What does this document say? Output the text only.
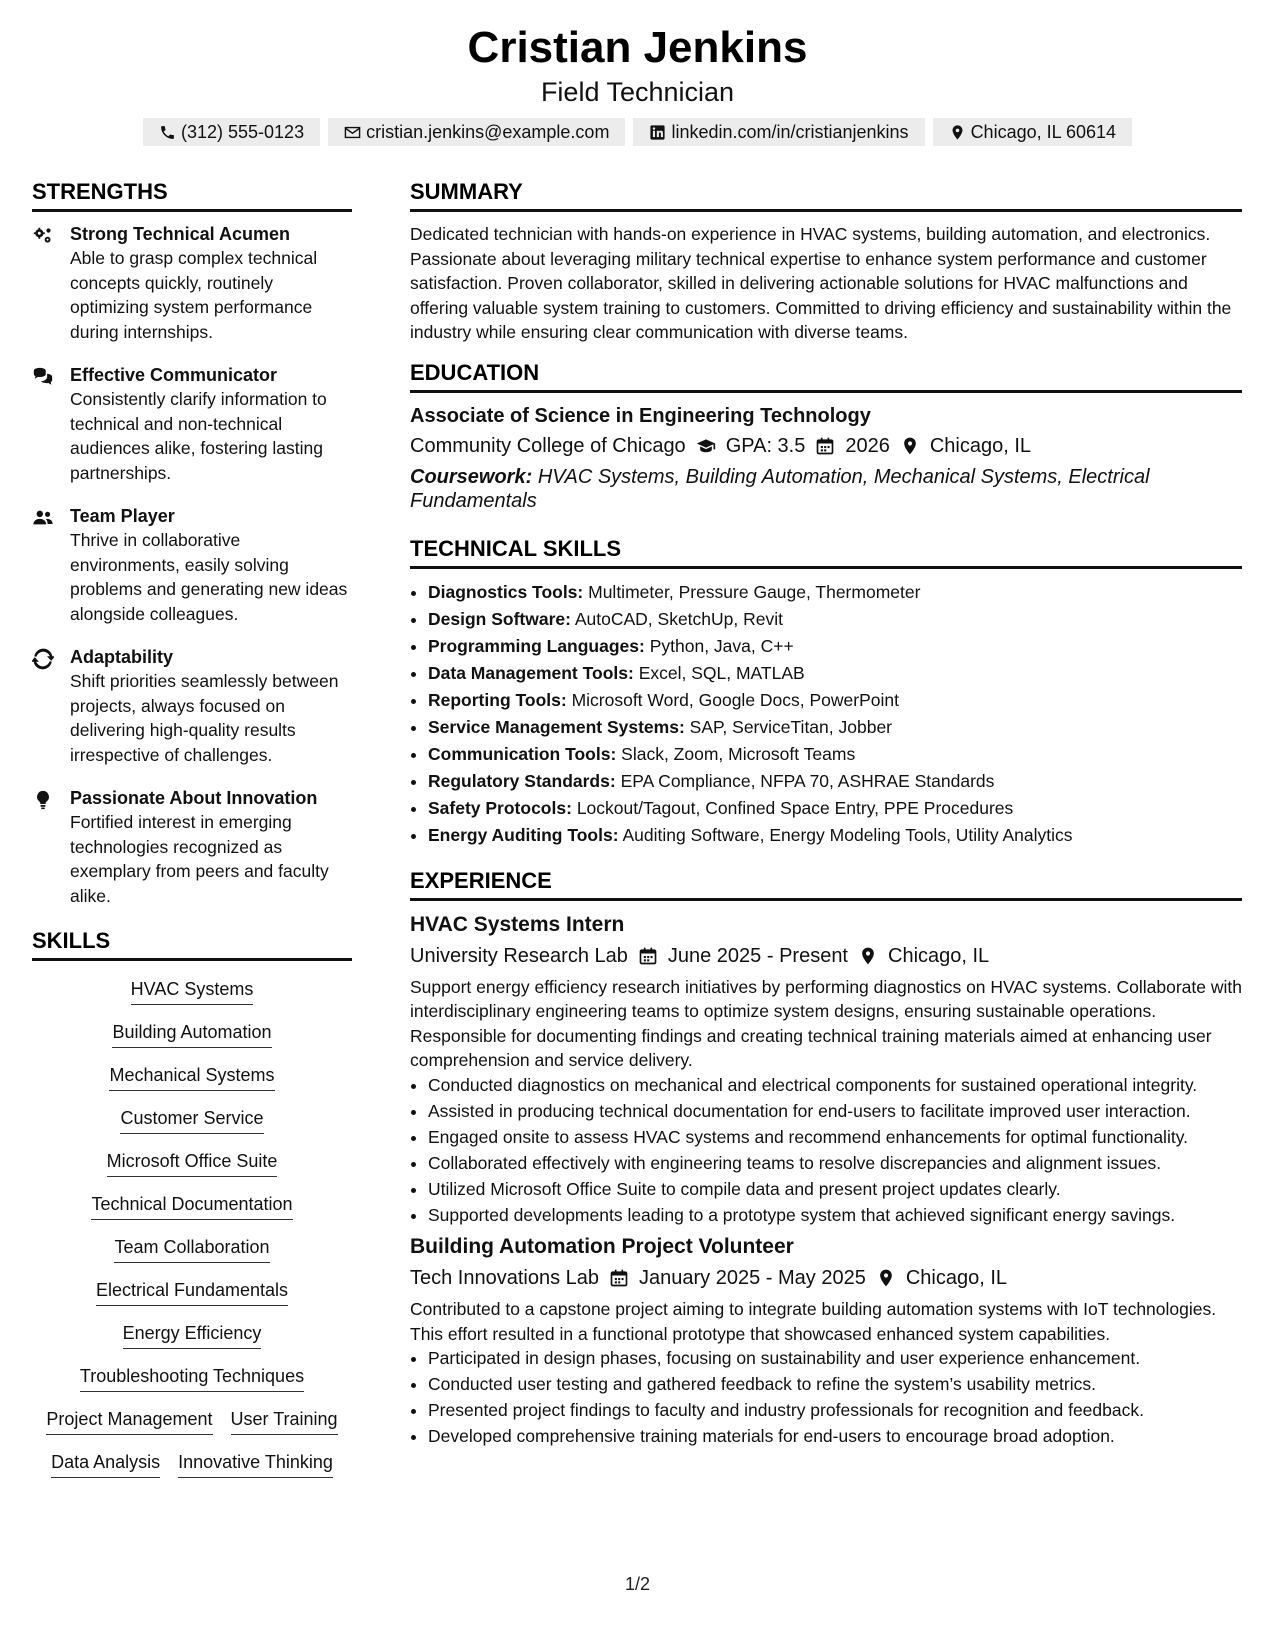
Cristian Jenkins
Field Technician
(312) 555-0123	cristian.jenkins@example.com	linkedin.com/in/cristianjenkins	Chicago, IL 60614
STRENGTHS
Strong Technical Acumen
Able to grasp complex technical concepts quickly, routinely optimizing system performance during internships.
Effective Communicator
Consistently clarify information to technical and non-technical audiences alike, fostering lasting partnerships.
Team Player
Thrive in collaborative environments, easily solving problems and generating new ideas alongside colleagues.
Adaptability
Shift priorities seamlessly between projects, always focused on delivering high-quality results irrespective of challenges.
Passionate About Innovation
Fortified interest in emerging technologies recognized as exemplary from peers and faculty alike.
SKILLS
HVAC Systems
Building Automation
Mechanical Systems
Customer Service
Microsoft Office Suite
Technical Documentation
Team Collaboration
Electrical Fundamentals
Energy Efficiency
Troubleshooting Techniques
Project Management User Training
Data Analysis Innovative Thinking
SUMMARY

Dedicated technician with hands-on experience in HVAC systems, building automation, and electronics. Passionate about leveraging military technical expertise to enhance system performance and customer satisfaction. Proven collaborator, skilled in delivering actionable solutions for HVAC malfunctions and offering valuable system training to customers. Committed to driving efficiency and sustainability within the industry while ensuring clear communication with diverse teams.

EDUCATION
Associate of Science in Engineering Technology
Community College of Chicago GPA: 3.5 2026 Chicago, IL
Coursework: HVAC Systems, Building Automation, Mechanical Systems, Electrical Fundamentals
TECHNICAL SKILLS
• Diagnostics Tools: Multimeter, Pressure Gauge, Thermometer
• Design Software: AutoCAD, SketchUp, Revit
• Programming Languages: Python, Java, C++
• Data Management Tools: Excel, SQL, MATLAB
• Reporting Tools: Microsoft Word, Google Docs, PowerPoint
• Service Management Systems: SAP, ServiceTitan, Jobber
• Communication Tools: Slack, Zoom, Microsoft Teams
• Regulatory Standards: EPA Compliance, NFPA 70, ASHRAE Standards
• Safety Protocols: Lockout/Tagout, Confined Space Entry, PPE Procedures
• Energy Auditing Tools: Auditing Software, Energy Modeling Tools, Utility Analytics
EXPERIENCE
HVAC Systems Intern
University Research Lab June 2025 - Present Chicago, IL

Support energy efficiency research initiatives by performing diagnostics on HVAC systems. Collaborate with interdisciplinary engineering teams to optimize system designs, ensuring sustainable operations. Responsible for documenting findings and creating technical training materials aimed at enhancing user comprehension and service delivery.

• Conducted diagnostics on mechanical and electrical components for sustained operational integrity.
• Assisted in producing technical documentation for end-users to facilitate improved user interaction.
• Engaged onsite to assess HVAC systems and recommend enhancements for optimal functionality.
• Collaborated effectively with engineering teams to resolve discrepancies and alignment issues.
• Utilized Microsoft Office Suite to compile data and present project updates clearly.
• Supported developments leading to a prototype system that achieved significant energy savings.
Building Automation Project Volunteer
Tech Innovations Lab January 2025 - May 2025 Chicago, IL

Contributed to a capstone project aiming to integrate building automation systems with IoT technologies. This effort resulted in a functional prototype that showcased enhanced system capabilities.

• Participated in design phases, focusing on sustainability and user experience enhancement.
• Conducted user testing and gathered feedback to refine the system’s usability metrics.
• Presented project findings to faculty and industry professionals for recognition and feedback.
• Developed comprehensive training materials for end-users to encourage broad adoption.
1/2
